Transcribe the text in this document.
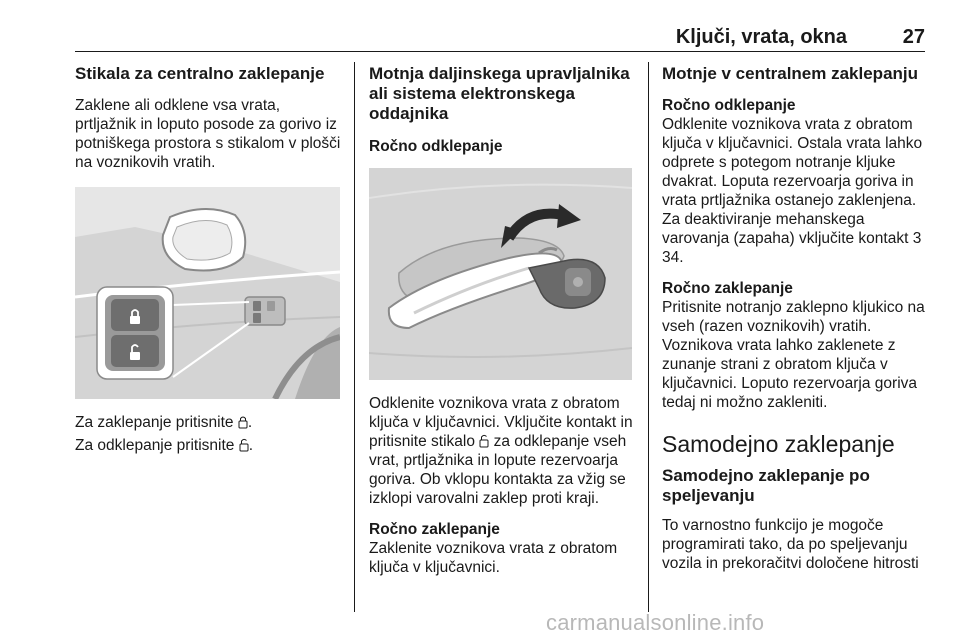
Ključi, vrata, okna	27
Stikala za centralno zaklepanje
Zaklene ali odklene vsa vrata, prtljažnik in loputo posode za gorivo iz potniškega prostora s stikalom v plošči na voznikovih vratih.
Za zaklepanje pritisnite .
Za odklepanje pritisnite .
Motnja daljinskega upravljalnika ali sistema elektronskega oddajnika
Ročno odklepanje
Odklenite voznikova vrata z obratom ključa v ključavnici. Vključite kontakt in pritisnite stikalo za odklepanje vseh vrat, prtljažnika in lopute rezervoarja goriva. Ob vklopu kontakta za vžig se izklopi varovalni zaklep proti kraji.
Ročno zaklepanje
Zaklenite voznikova vrata z obratom ključa v ključavnici.
Motnje v centralnem zaklepanju
Ročno odklepanje
Odklenite voznikova vrata z obratom ključa v ključavnici. Ostala vrata lahko odprete s potegom notranje kljuke dvakrat. Loputa rezervoarja goriva in vrata prtljažnika ostanejo zaklenjena. Za deaktiviranje mehanskega varovanja (zapaha) vključite kontakt 3 34.
Ročno zaklepanje
Pritisnite notranjo zaklepno kljukico na vseh (razen voznikovih) vratih. Voznikova vrata lahko zaklenete z zunanje strani z obratom ključa v ključavnici. Loputo rezervoarja goriva tedaj ni možno zakleniti.
Samodejno zaklepanje
Samodejno zaklepanje po speljevanju
To varnostno funkcijo je mogoče programirati tako, da po speljevanju vozila in prekoračitvi določene hitrosti
carmanualsonline.info
